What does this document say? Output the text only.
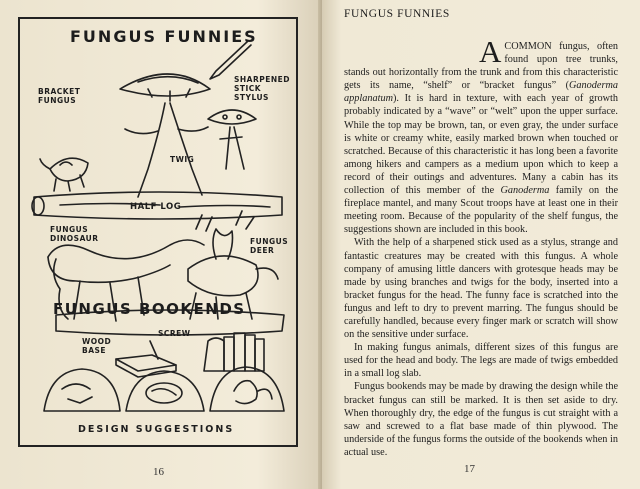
FUNGUS FUNNIES
BRACKET FUNGUS
SHARPENED STICK STYLUS
TWIG
HALF LOG
FUNGUS DINOSAUR	FUNGUS DEER
FUNGUS BOOKENDS
WOOD BASE
SCREW
DESIGN SUGGESTIONS
16
FUNGUS FUNNIES

ACOMMON fungus, often found upon tree trunks, stands out horizontally from the trunk and from this characteristic gets its name, “shelf” or “bracket fungus” (Ganoderma applanatum). It is hard in texture, with each year of growth probably indicated by a “wave” or “welt” upon the upper surface. While the top may be brown, tan, or even gray, the under surface is white or creamy white, easily marked brown when touched or scratched. Because of this characteristic it has long been a favorite among hikers and campers as a medium upon which to keep a record of their outings and adventures. Many a cabin has its collection of this member of the Ganoderma family on the fireplace mantel, and many Scout troops have at least one in their meeting room. Because of the popularity of the shelf fungus, the suggestions shown are included in this book.

With the help of a sharpened stick used as a stylus, strange and fantastic creatures may be created with this fungus. A whole company of amusing little dancers with grotesque heads may be made by using branches and twigs for the body, inserted into a bracket fungus for the head. The funny face is scratched into the fungus and left to dry to prevent marring. The fungus should be carefully handled, because every finger mark or scratch will show on the sensitive under surface.

In making fungus animals, different sizes of this fungus are used for the head and body. The legs are made of twigs embedded in a small log slab.

Fungus bookends may be made by drawing the design while the bracket fungus can still be marked. It is then set aside to dry. When thoroughly dry, the edge of the fungus is cut straight with a saw and screwed to a flat base made of thin plywood. The underside of the fungus forms the outside of the bookends when in actual use.

17
